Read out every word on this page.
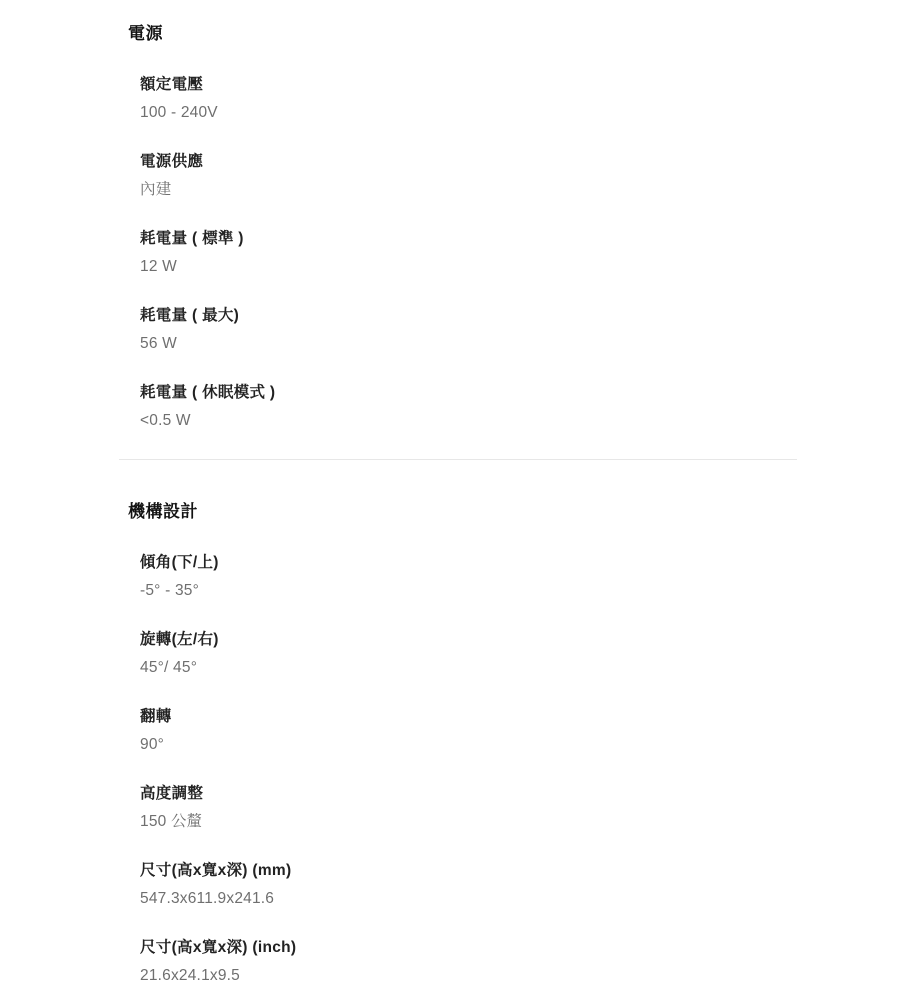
電源
額定電壓
100 - 240V
電源供應
內建
耗電量 ( 標準 )
12 W
耗電量 ( 最大)
56 W
耗電量 ( 休眠模式 )
<0.5 W
機構設計
傾角(下/上)
-5° - 35°
旋轉(左/右)
45°/ 45°
翻轉
90°
高度調整
150 公釐
尺寸(高x寬x深) (mm)
547.3x611.9x241.6
尺寸(高x寬x深) (inch)
21.6x24.1x9.5
